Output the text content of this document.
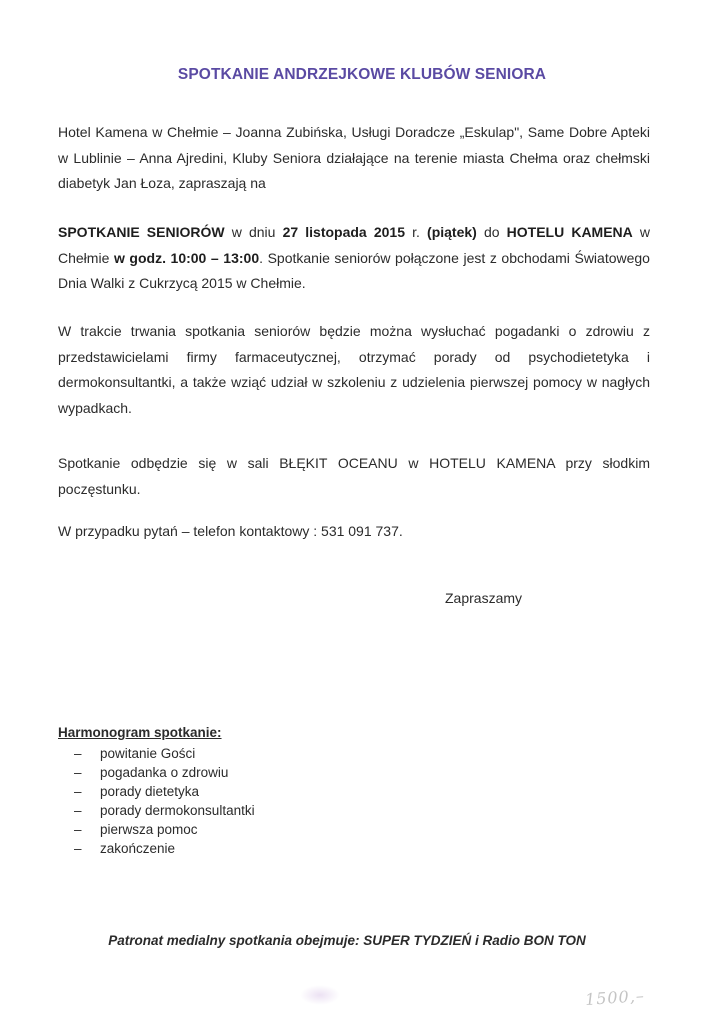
SPOTKANIE ANDRZEJKOWE KLUBÓW SENIORA
Hotel Kamena w Chełmie – Joanna Zubińska, Usługi Doradcze „Eskulap", Same Dobre Apteki w Lublinie – Anna Ajredini, Kluby Seniora działające na terenie miasta Chełma oraz chełmski diabetyk Jan Łoza, zapraszają na
SPOTKANIE SENIORÓW w dniu 27 listopada 2015 r. (piątek) do HOTELU KAMENA w Chełmie w godz. 10:00 – 13:00. Spotkanie seniorów połączone jest z obchodami Światowego Dnia Walki z Cukrzycą 2015 w Chełmie.
W trakcie trwania spotkania seniorów będzie można wysłuchać pogadanki o zdrowiu z przedstawicielami firmy farmaceutycznej, otrzymać porady od psychodietetyka i dermokonsultantki, a także wziąć udział w szkoleniu z udzielenia pierwszej pomocy w nagłych wypadkach.
Spotkanie odbędzie się w sali BŁĘKIT OCEANU w HOTELU KAMENA przy słodkim poczęstunku.
W przypadku pytań – telefon kontaktowy : 531 091 737.
Zapraszamy
Harmonogram spotkanie:
– powitanie Gości
– pogadanka o zdrowiu
– porady dietetyka
– porady dermokonsultantki
– pierwsza pomoc
– zakończenie
Patronat medialny spotkania obejmuje: SUPER TYDZIEŃ i Radio BON TON
1500,–
